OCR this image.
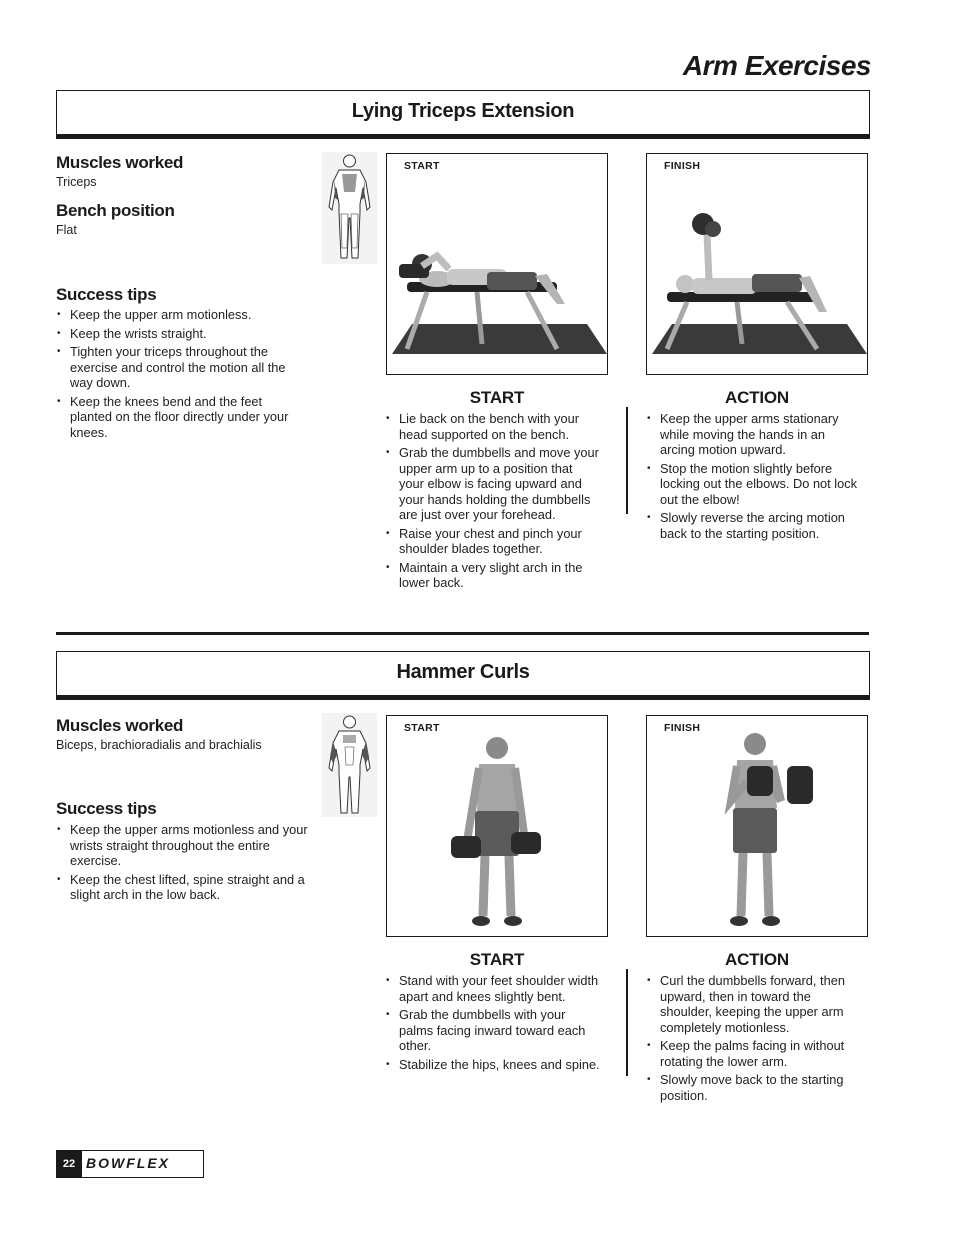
Arm Exercises
Lying Triceps Extension
Muscles worked
Triceps
Bench position
Flat
Success tips
• Keep the upper arm motionless.
• Keep the wrists straight.
• Tighten your triceps throughout the exercise and control the motion all the way down.
• Keep the knees bend and the feet planted on the floor directly under your knees.
START	FINISH
START
• Lie back on the bench with your head supported on the bench.
• Grab the dumbbells and move your upper arm up to a position that your elbow is facing upward and your hands holding the dumbbells are just over your forehead.
• Raise your chest and pinch your shoulder blades together.
• Maintain a very slight arch in the lower back.
ACTION
• Keep the upper arms stationary while moving the hands in an arcing motion upward.
• Stop the motion slightly before locking out the elbows. Do not lock out the elbow!
• Slowly reverse the arcing motion back to the starting position.
Hammer Curls
Muscles worked
Biceps, brachioradialis and brachialis
Success tips
• Keep the upper arms motionless and your wrists straight throughout the entire exercise.
• Keep the chest lifted, spine straight and a slight arch in the low back.
START	FINISH
START
• Stand with your feet shoulder width apart and knees slightly bent.
• Grab the dumbbells with your palms facing inward toward each other.
• Stabilize the hips, knees and spine.
ACTION
• Curl the dumbbells forward, then upward, then in toward the shoulder, keeping the upper arm completely motionless.
• Keep the palms facing in without rotating the lower arm.
• Slowly move back to the starting position.
22 BOWFLEX
